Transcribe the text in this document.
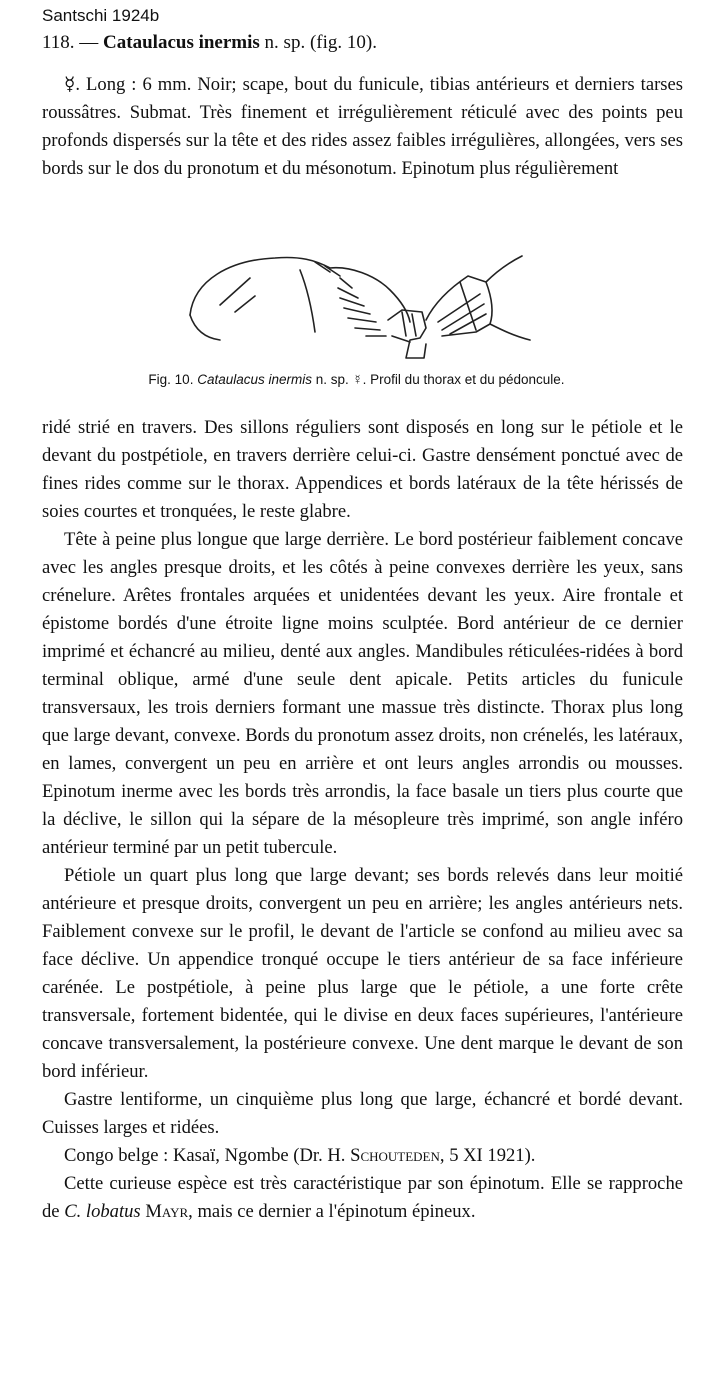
Santschi 1924b
118. — Cataulacus inermis n. sp. (fig. 10).

☿. Long : 6 mm. Noir; scape, bout du funicule, tibias antérieurs et derniers tarses roussâtres. Submat. Très finement et irrégulièrement réticulé avec des points peu profonds dispersés sur la tête et des rides assez faibles irrégulières, allongées, vers ses bords sur le dos du pronotum et du mésonotum. Epinotum plus régulièrement

Fig. 10. Cataulacus inermis n. sp. ☿. Profil du thorax et du pédoncule.

ridé strié en travers. Des sillons réguliers sont disposés en long sur le pétiole et le devant du postpétiole, en travers derrière celui-ci. Gastre densément ponctué avec de fines rides comme sur le thorax. Appendices et bords latéraux de la tête hérissés de soies courtes et tronquées, le reste glabre.

Tête à peine plus longue que large derrière. Le bord postérieur faiblement concave avec les angles presque droits, et les côtés à peine convexes derrière les yeux, sans crénelure. Arêtes frontales arquées et unidentées devant les yeux. Aire frontale et épistome bordés d'une étroite ligne moins sculptée. Bord antérieur de ce dernier imprimé et échancré au milieu, denté aux angles. Mandibules réticulées-ridées à bord terminal oblique, armé d'une seule dent apicale. Petits articles du funicule transversaux, les trois derniers formant une massue très distincte. Thorax plus long que large devant, convexe. Bords du pronotum assez droits, non crénelés, les latéraux, en lames, convergent un peu en arrière et ont leurs angles arrondis ou mousses. Epinotum inerme avec les bords très arrondis, la face basale un tiers plus courte que la déclive, le sillon qui la sépare de la mésopleure très imprimé, son angle inféro antérieur terminé par un petit tubercule.

Pétiole un quart plus long que large devant; ses bords relevés dans leur moitié antérieure et presque droits, convergent un peu en arrière; les angles antérieurs nets. Faiblement convexe sur le profil, le devant de l'article se confond au milieu avec sa face déclive. Un appendice tronqué occupe le tiers antérieur de sa face inférieure carénée. Le postpétiole, à peine plus large que le pétiole, a une forte crête transversale, fortement bidentée, qui le divise en deux faces supérieures, l'antérieure concave transversalement, la postérieure convexe. Une dent marque le devant de son bord inférieur.

Gastre lentiforme, un cinquième plus long que large, échancré et bordé devant. Cuisses larges et ridées.

Congo belge : Kasaï, Ngombe (Dr. H. Schouteden, 5 XI 1921).

Cette curieuse espèce est très caractéristique par son épinotum. Elle se rapproche de C. lobatus Mayr, mais ce dernier a l'épinotum épineux.
